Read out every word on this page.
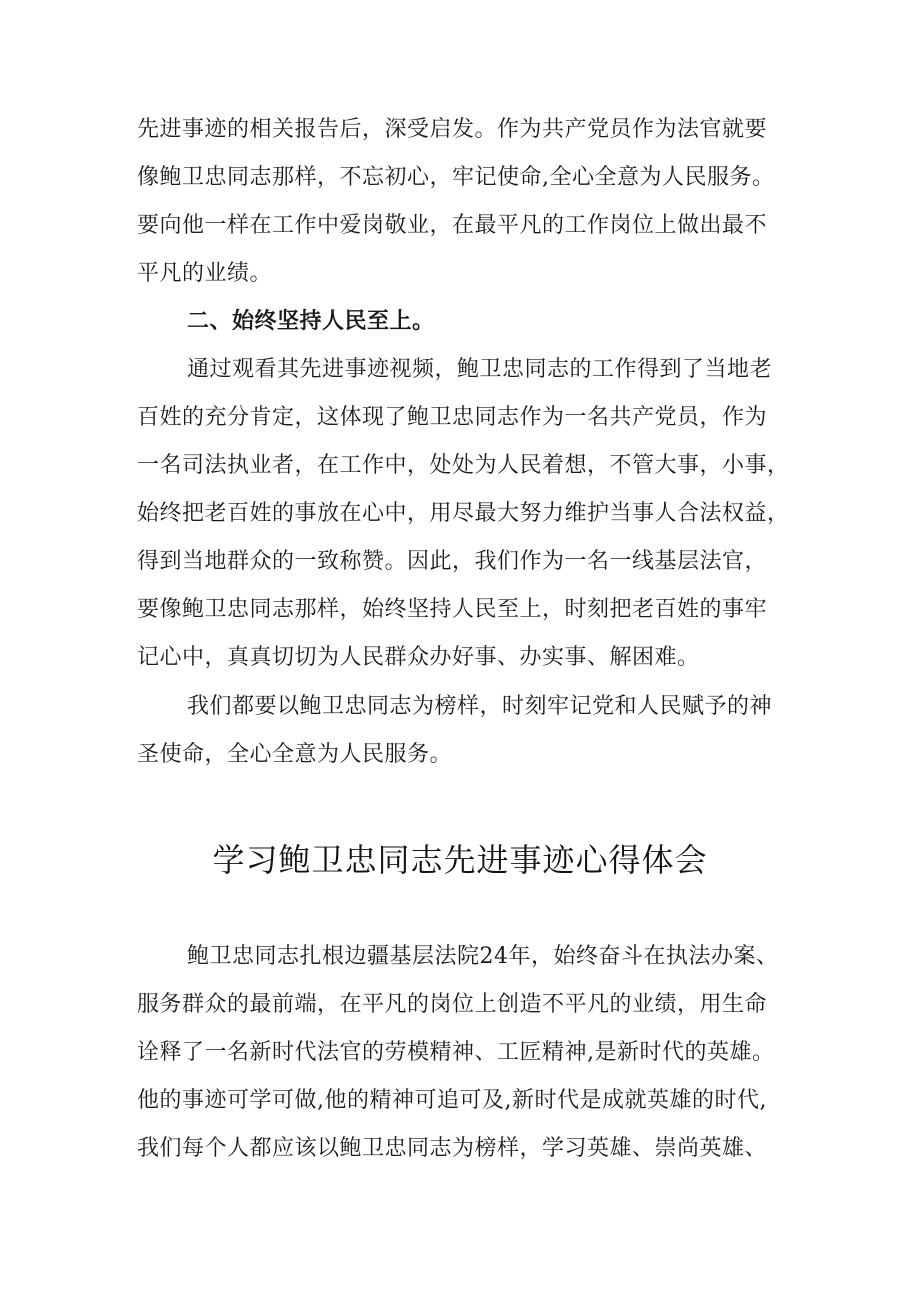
先进事迹的相关报告后，深受启发。作为共产党员作为法官就要
像鲍卫忠同志那样，不忘初心，牢记使命,全心全意为人民服务。
要向他一样在工作中爱岗敬业，在最平凡的工作岗位上做出最不
平凡的业绩。
二、始终坚持人民至上。
通过观看其先进事迹视频，鲍卫忠同志的工作得到了当地老
百姓的充分肯定，这体现了鲍卫忠同志作为一名共产党员，作为
一名司法执业者，在工作中，处处为人民着想，不管大事，小事，
始终把老百姓的事放在心中，用尽最大努力维护当事人合法权益，
得到当地群众的一致称赞。因此，我们作为一名一线基层法官，
要像鲍卫忠同志那样，始终坚持人民至上，时刻把老百姓的事牢
记心中，真真切切为人民群众办好事、办实事、解困难。
我们都要以鲍卫忠同志为榜样，时刻牢记党和人民赋予的神
圣使命，全心全意为人民服务。
学习鲍卫忠同志先进事迹心得体会
鲍卫忠同志扎根边疆基层法院24年，始终奋斗在执法办案、
服务群众的最前端，在平凡的岗位上创造不平凡的业绩，用生命
诠释了一名新时代法官的劳模精神、工匠精神,是新时代的英雄。
他的事迹可学可做,他的精神可追可及,新时代是成就英雄的时代,
我们每个人都应该以鲍卫忠同志为榜样，学习英雄、崇尚英雄、
